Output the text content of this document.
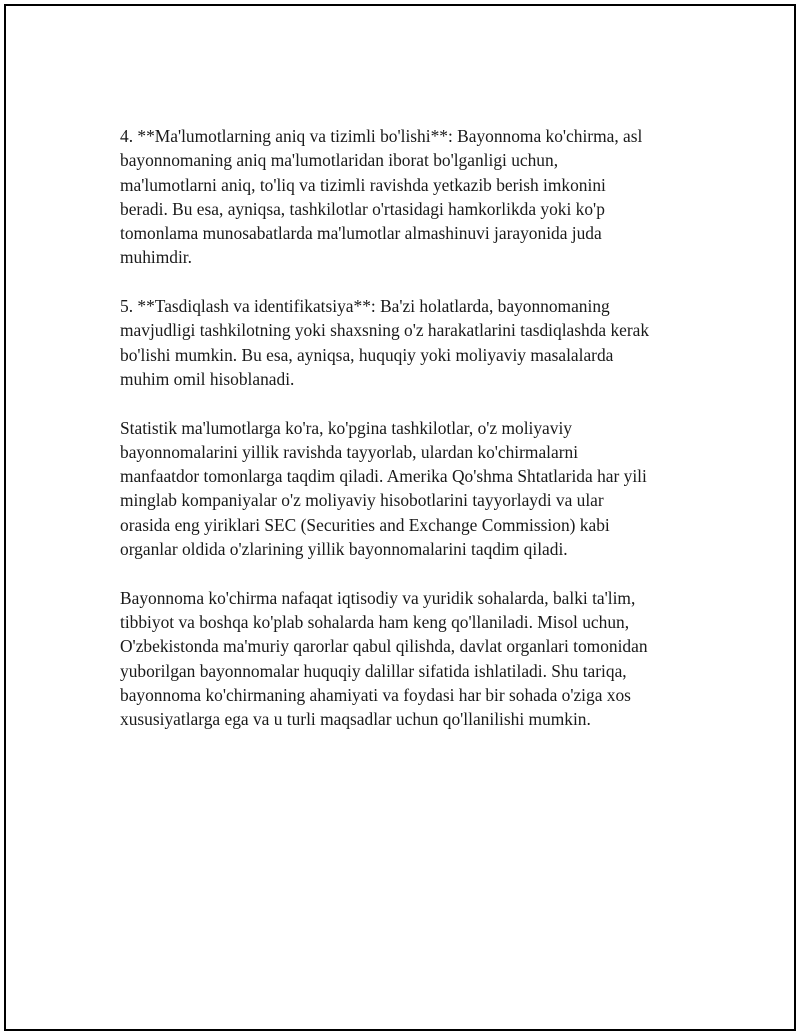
4. **Ma'lumotlarning aniq va tizimli bo'lishi**: Bayonnoma ko'chirma, asl
bayonnomaning aniq ma'lumotlaridan iborat bo'lganligi uchun,
ma'lumotlarni aniq, to'liq va tizimli ravishda yetkazib berish imkonini
beradi. Bu esa, ayniqsa, tashkilotlar o'rtasidagi hamkorlikda yoki ko'p
tomonlama munosabatlarda ma'lumotlar almashinuvi jarayonida juda
muhimdir.

5. **Tasdiqlash va identifikatsiya**: Ba'zi holatlarda, bayonnomaning
mavjudligi tashkilotning yoki shaxsning o'z harakatlarini tasdiqlashda kerak
bo'lishi mumkin. Bu esa, ayniqsa, huquqiy yoki moliyaviy masalalarda
muhim omil hisoblanadi.

Statistik ma'lumotlarga ko'ra, ko'pgina tashkilotlar, o'z moliyaviy
bayonnomalarini yillik ravishda tayyorlab, ulardan ko'chirmalarni
manfaatdor tomonlarga taqdim qiladi. Amerika Qo'shma Shtatlarida har yili
minglab kompaniyalar o'z moliyaviy hisobotlarini tayyorlaydi va ular
orasida eng yiriklari SEC (Securities and Exchange Commission) kabi
organlar oldida o'zlarining yillik bayonnomalarini taqdim qiladi.

Bayonnoma ko'chirma nafaqat iqtisodiy va yuridik sohalarda, balki ta'lim,
tibbiyot va boshqa ko'plab sohalarda ham keng qo'llaniladi. Misol uchun,
O'zbekistonda ma'muriy qarorlar qabul qilishda, davlat organlari tomonidan
yuborilgan bayonnomalar huquqiy dalillar sifatida ishlatiladi. Shu tariqa,
bayonnoma ko'chirmaning ahamiyati va foydasi har bir sohada o'ziga xos
xususiyatlarga ega va u turli maqsadlar uchun qo'llanilishi mumkin.
